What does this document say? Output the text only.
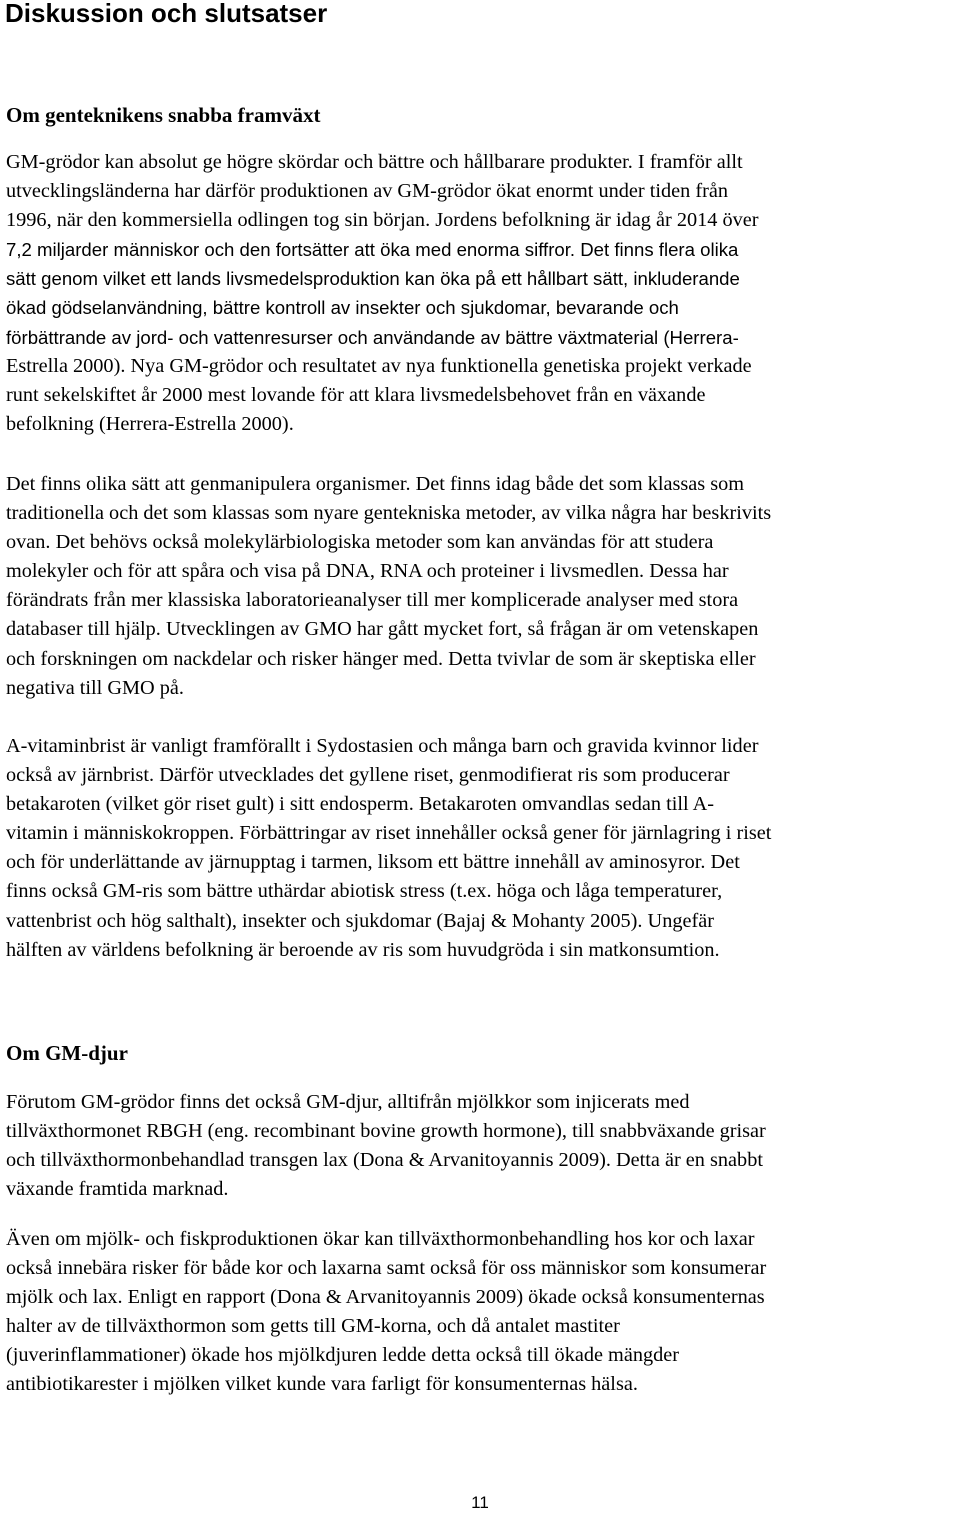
Diskussion och slutsatser
Om genteknikens snabba framväxt
GM-grödor kan absolut ge högre skördar och bättre och hållbarare produkter. I framför allt
utvecklingsländerna har därför produktionen av GM-grödor ökat enormt under tiden från
1996, när den kommersiella odlingen tog sin början. Jordens befolkning är idag år 2014 över
7,2 miljarder människor och den fortsätter att öka med enorma siffror. Det finns flera olika
sätt genom vilket ett lands livsmedelsproduktion kan öka på ett hållbart sätt, inkluderande
ökad gödselanvändning, bättre kontroll av insekter och sjukdomar, bevarande och
förbättrande av jord- och vattenresurser och användande av bättre växtmaterial (Herrera-
Estrella 2000). Nya GM-grödor och resultatet av nya funktionella genetiska projekt verkade
runt sekelskiftet år 2000 mest lovande för att klara livsmedelsbehovet från en växande
befolkning (Herrera-Estrella 2000).
Det finns olika sätt att genmanipulera organismer. Det finns idag både det som klassas som
traditionella och det som klassas som nyare gentekniska metoder, av vilka några har beskrivits
ovan. Det behövs också molekylärbiologiska metoder som kan användas för att studera
molekyler och för att spåra och visa på DNA, RNA och proteiner i livsmedlen. Dessa har
förändrats från mer klassiska laboratorieanalyser till mer komplicerade analyser med stora
databaser till hjälp. Utvecklingen av GMO har gått mycket fort, så frågan är om vetenskapen
och forskningen om nackdelar och risker hänger med. Detta tvivlar de som är skeptiska eller
negativa till GMO på.
A-vitaminbrist är vanligt framförallt i Sydostasien och många barn och gravida kvinnor lider
också av järnbrist. Därför utvecklades det gyllene riset, genmodifierat ris som producerar
betakaroten (vilket gör riset gult) i sitt endosperm. Betakaroten omvandlas sedan till A-
vitamin i människokroppen. Förbättringar av riset innehåller också gener för järnlagring i riset
och för underlättande av järnupptag i tarmen, liksom ett bättre innehåll av aminosyror. Det
finns också GM-ris som bättre uthärdar abiotisk stress (t.ex. höga och låga temperaturer,
vattenbrist och hög salthalt), insekter och sjukdomar (Bajaj & Mohanty 2005). Ungefär
hälften av världens befolkning är beroende av ris som huvudgröda i sin matkonsumtion.
Om GM-djur
Förutom GM-grödor finns det också GM-djur, alltifrån mjölkkor som injicerats med
tillväxthormonet RBGH (eng. recombinant bovine growth hormone), till snabbväxande grisar
och tillväxthormonbehandlad transgen lax (Dona & Arvanitoyannis 2009). Detta är en snabbt
växande framtida marknad.
Även om mjölk- och fiskproduktionen ökar kan tillväxthormonbehandling hos kor och laxar
också innebära risker för både kor och laxarna samt också för oss människor som konsumerar
mjölk och lax. Enligt en rapport (Dona & Arvanitoyannis 2009) ökade också konsumenternas
halter av de tillväxthormon som getts till GM-korna, och då antalet mastiter
(juverinflammationer) ökade hos mjölkdjuren ledde detta också till ökade mängder
antibiotikarester i mjölken vilket kunde vara farligt för konsumenternas hälsa.
11
